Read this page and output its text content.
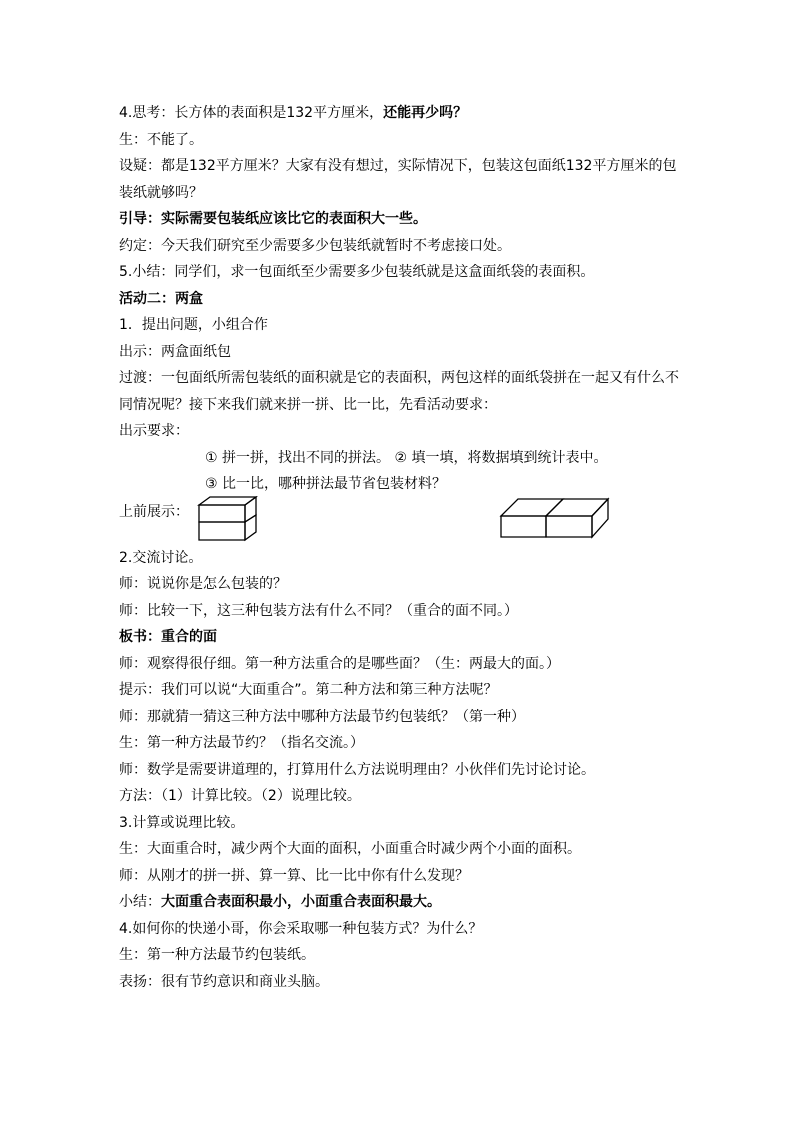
4.思考：长方体的表面积是132平方厘米，还能再少吗？
生：不能了。
设疑：都是132平方厘米？大家有没有想过，实际情况下，包装这包面纸132平方厘米的包装纸就够吗？
引导：实际需要包装纸应该比它的表面积大一些。
约定：今天我们研究至少需要多少包装纸就暂时不考虑接口处。
5.小结：同学们，求一包面纸至少需要多少包装纸就是这盒面纸袋的表面积。
活动二：两盒
1．提出问题，小组合作
出示：两盒面纸包
过渡：一包面纸所需包装纸的面积就是它的表面积，两包这样的面纸袋拼在一起又有什么不同情况呢？接下来我们就来拼一拼、比一比，先看活动要求：
出示要求：
① 拼一拼，找出不同的拼法。 ② 填一填，将数据填到统计表中。
③ 比一比，哪种拼法最节省包装材料？
上前展示：
2.交流讨论。
师：说说你是怎么包装的？
师：比较一下，这三种包装方法有什么不同？（重合的面不同。）
板书：重合的面
师：观察得很仔细。第一种方法重合的是哪些面？（生：两最大的面。）
提示：我们可以说“大面重合”。第二种方法和第三种方法呢？
师：那就猜一猜这三种方法中哪种方法最节约包装纸？（第一种）
生：第一种方法最节约？（指名交流。）
师：数学是需要讲道理的，打算用什么方法说明理由？小伙伴们先讨论讨论。
方法：（1）计算比较。（2）说理比较。
3.计算或说理比较。
生：大面重合时，减少两个大面的面积，小面重合时减少两个小面的面积。
师：从刚才的拼一拼、算一算、比一比中你有什么发现？
小结：大面重合表面积最小，小面重合表面积最大。
4.如何你的快递小哥，你会采取哪一种包装方式？为什么？
生：第一种方法最节约包装纸。
表扬：很有节约意识和商业头脑。
